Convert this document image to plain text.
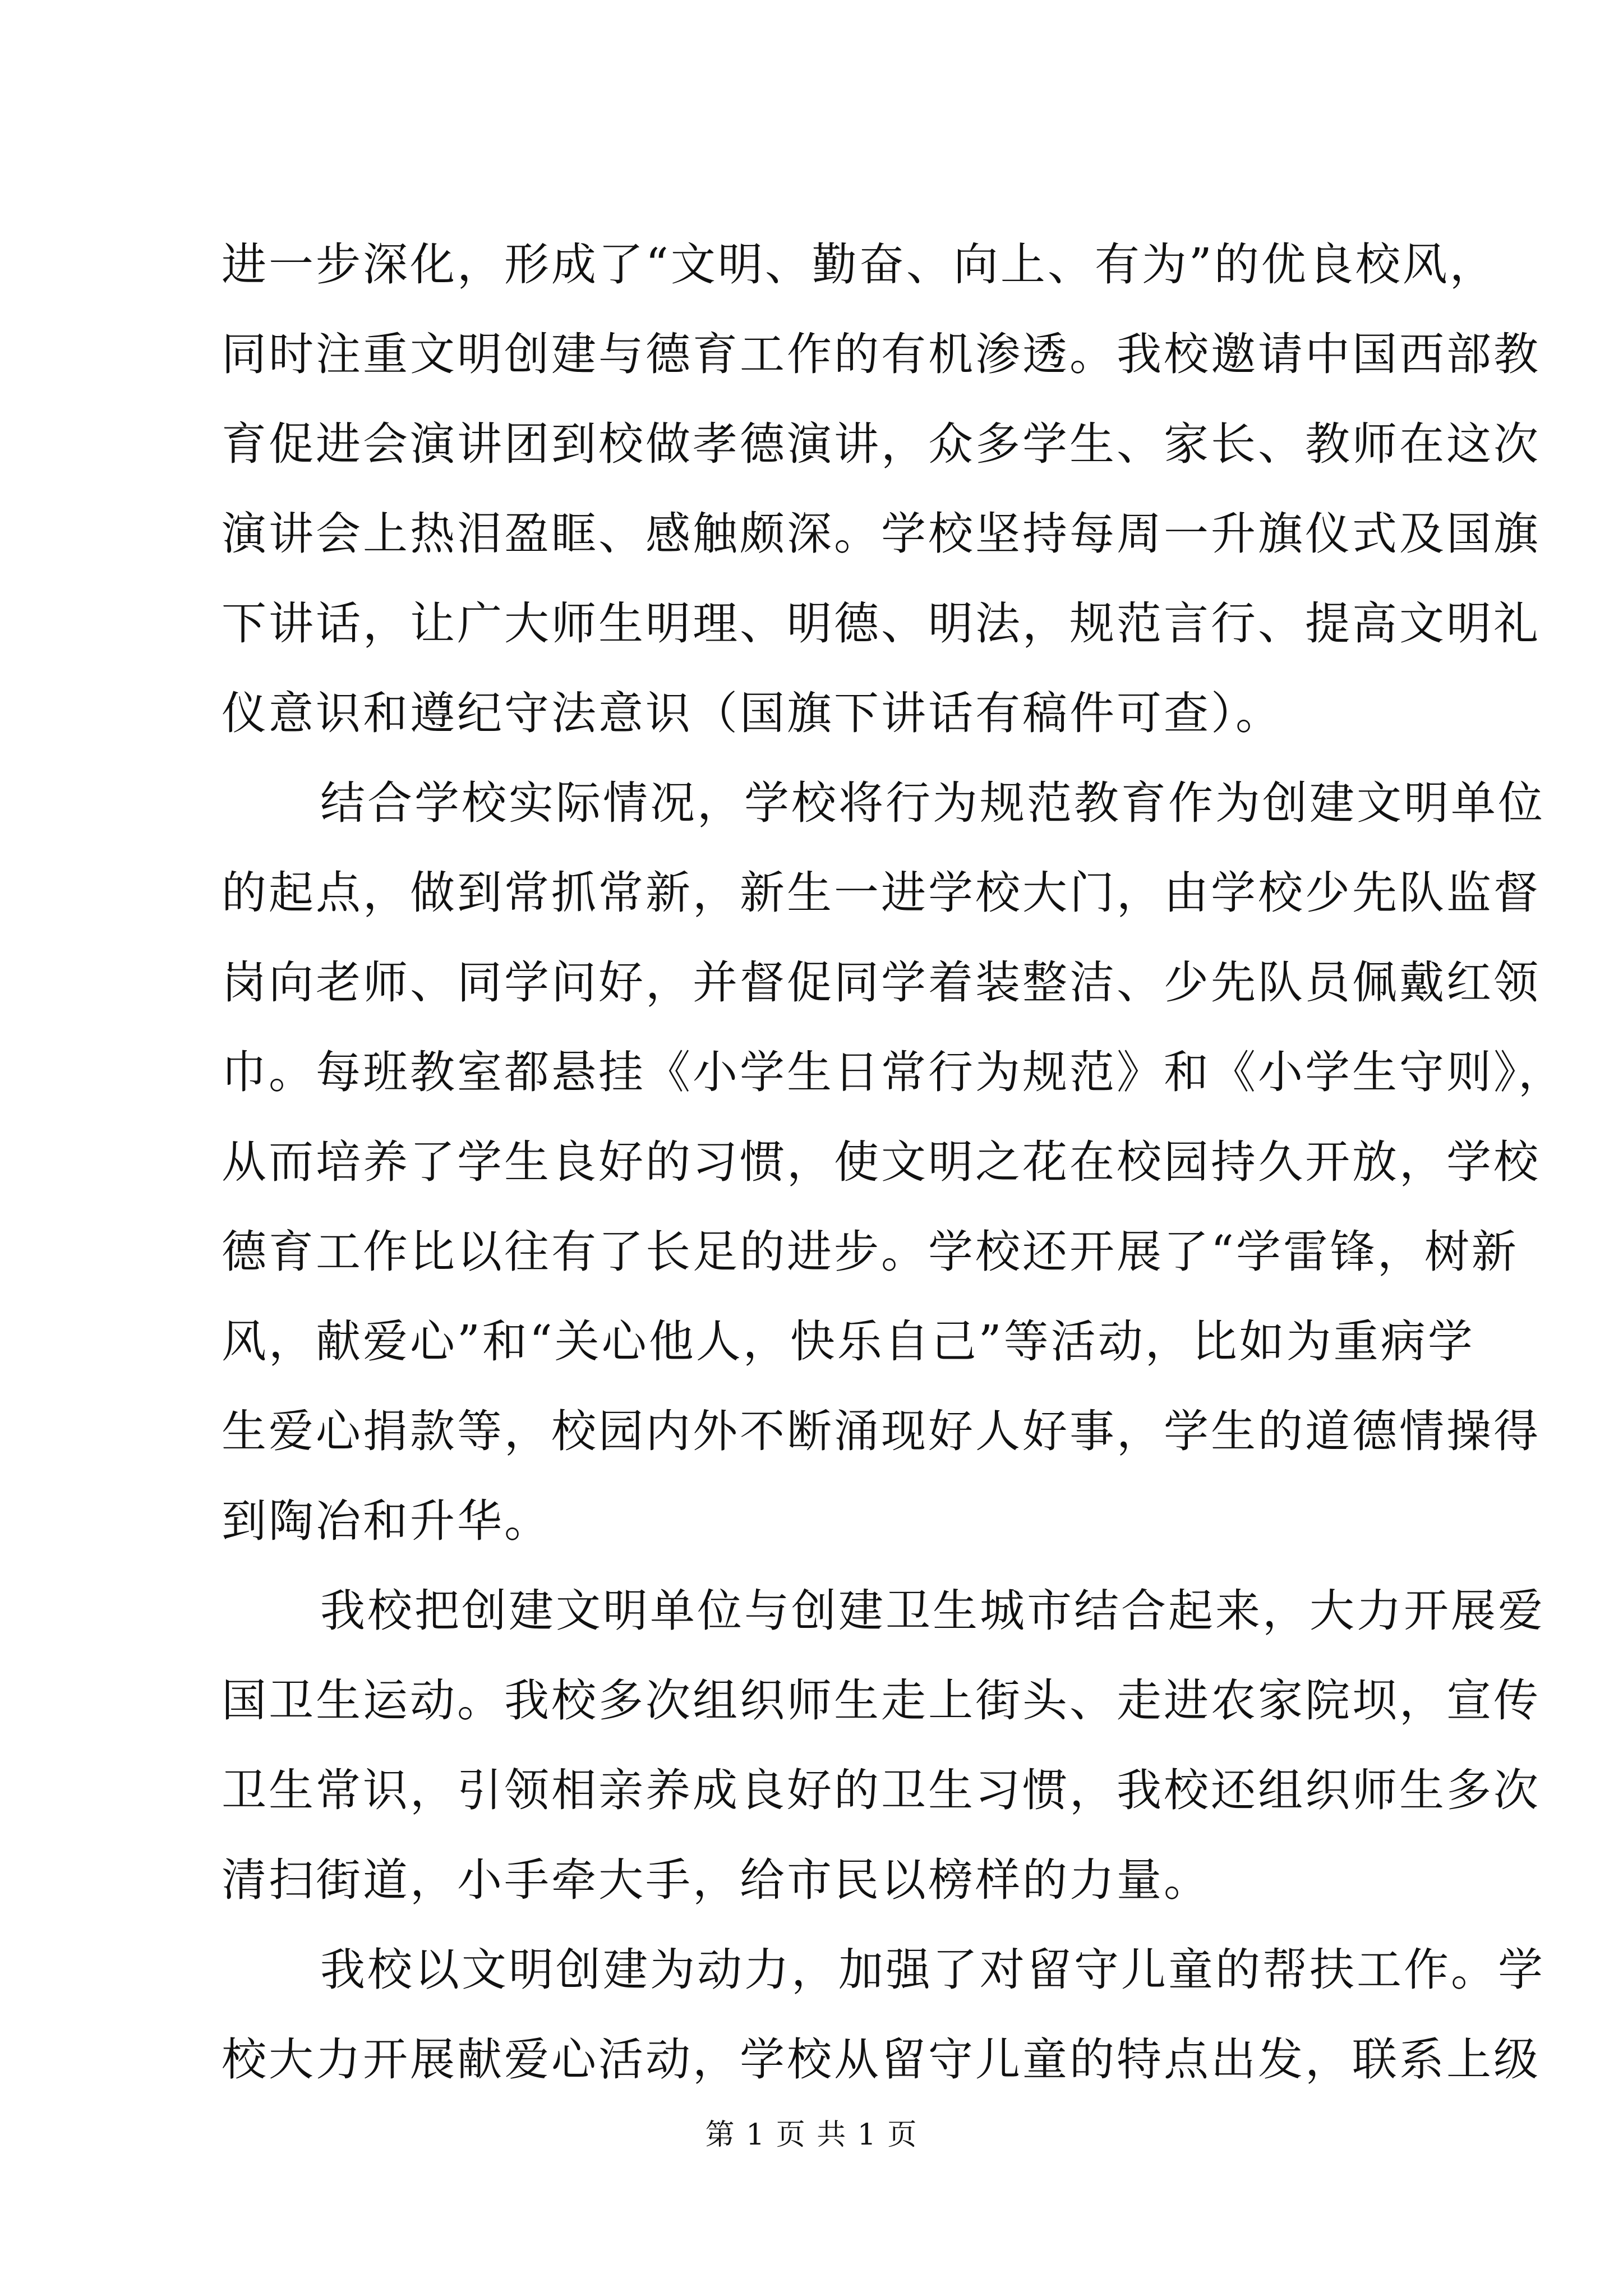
进一步深化，形成了“文明、勤奋、向上、有为”的优良校风，
同时注重文明创建与德育工作的有机渗透。我校邀请中国西部教
育促进会演讲团到校做孝德演讲，众多学生、家长、教师在这次
演讲会上热泪盈眶、感触颇深。学校坚持每周一升旗仪式及国旗
下讲话，让广大师生明理、明德、明法，规范言行、提高文明礼
仪意识和遵纪守法意识（国旗下讲话有稿件可查）。
结合学校实际情况，学校将行为规范教育作为创建文明单位
的起点，做到常抓常新，新生一进学校大门，由学校少先队监督
岗向老师、同学问好，并督促同学着装整洁、少先队员佩戴红领
巾。每班教室都悬挂《小学生日常行为规范》和《小学生守则》，
从而培养了学生良好的习惯，使文明之花在校园持久开放，学校
德育工作比以往有了长足的进步。学校还开展了“学雷锋，树新
风，献爱心”和“关心他人，快乐自己”等活动，比如为重病学
生爱心捐款等，校园内外不断涌现好人好事，学生的道德情操得
到陶冶和升华。
我校把创建文明单位与创建卫生城市结合起来，大力开展爱
国卫生运动。我校多次组织师生走上街头、走进农家院坝，宣传
卫生常识，引领相亲养成良好的卫生习惯，我校还组织师生多次
清扫街道，小手牵大手，给市民以榜样的力量。
我校以文明创建为动力，加强了对留守儿童的帮扶工作。学
校大力开展献爱心活动，学校从留守儿童的特点出发，联系上级
第 1 页 共 1 页
